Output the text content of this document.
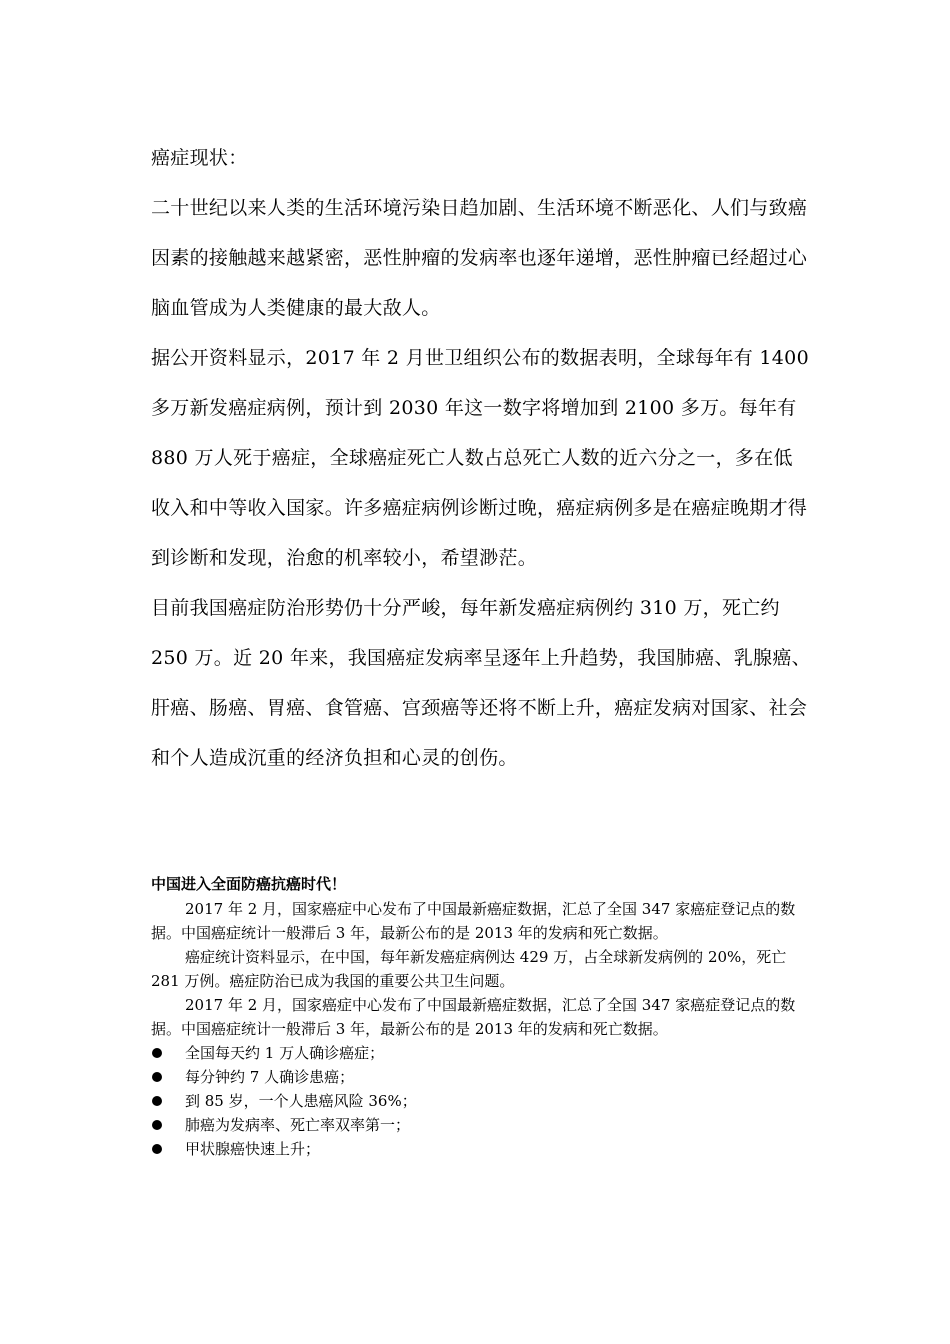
癌症现状：

二十世纪以来人类的生活环境污染日趋加剧、生活环境不断恶化、人们与致癌因素的接触越来越紧密，恶性肿瘤的发病率也逐年递增，恶性肿瘤已经超过心脑血管成为人类健康的最大敌人。

据公开资料显示，2017 年 2 月世卫组织公布的数据表明，全球每年有 1400 多万新发癌症病例，预计到 2030 年这一数字将增加到 2100 多万。每年有 880 万人死于癌症，全球癌症死亡人数占总死亡人数的近六分之一，多在低收入和中等收入国家。许多癌症病例诊断过晚，癌症病例多是在癌症晚期才得到诊断和发现，治愈的机率较小，希望渺茫。

目前我国癌症防治形势仍十分严峻，每年新发癌症病例约 310 万，死亡约 250 万。近 20 年来，我国癌症发病率呈逐年上升趋势，我国肺癌、乳腺癌、肝癌、肠癌、胃癌、食管癌、宫颈癌等还将不断上升，癌症发病对国家、社会和个人造成沉重的经济负担和心灵的创伤。

中国进入全面防癌抗癌时代！

2017 年 2 月，国家癌症中心发布了中国最新癌症数据，汇总了全国 347 家癌症登记点的数据。中国癌症统计一般滞后 3 年，最新公布的是 2013 年的发病和死亡数据。

癌症统计资料显示，在中国，每年新发癌症病例达 429 万，占全球新发病例的 20%，死亡 281 万例。癌症防治已成为我国的重要公共卫生问题。

2017 年 2 月，国家癌症中心发布了中国最新癌症数据，汇总了全国 347 家癌症登记点的数据。中国癌症统计一般滞后 3 年，最新公布的是 2013 年的发病和死亡数据。

全国每天约 1 万人确诊癌症；
每分钟约 7 人确诊患癌；
到 85 岁，一个人患癌风险 36%；
肺癌为发病率、死亡率双率第一；
甲状腺癌快速上升；
